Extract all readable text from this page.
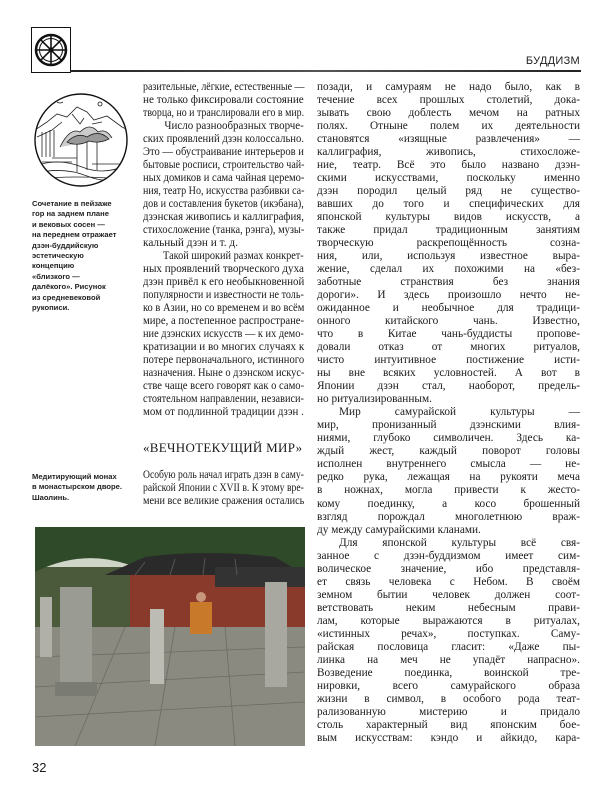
БУДДИЗМ
Сочетание в пейзаже
гор на заднем плане
и вековых сосен —
на переднем отражает
дзэн-буддийскую
эстетическую
концепцию
«близкого —
далёкого». Рисунок
из средневековой
рукописи.
разительные, лёгкие, естественные —
не только фиксировали состояние
творца, но и транслировали его в мир.
Число разнообразных творче-
ских проявлений дзэн колоссально.
Это — обустраивание интерьеров и
бытовые росписи, строительство чай-
ных домиков и сама чайная церемо-
ния, театр Но, искусства разбивки са-
дов и составления букетов (икэбана),
дзэнская живопись и каллиграфия,
стихосложение (танка, рэнга), музы-
кальный дзэн и т. д.
Такой широкий размах конкрет-
ных проявлений творческого духа
дзэн привёл к его необыкновенной
популярности и известности не толь-
ко в Азии, но со временем и во всём
мире, а постепенное распростране-
ние дзэнских искусств — к их демо-
кратизации и во многих случаях к
потере первоначального, истинного
назначения. Ныне о дзэнском искус-
стве чаще всего говорят как о само-
стоятельном направлении, независи-
мом от подлинной традиции дзэн .
«ВЕЧНОТЕКУЩИЙ МИР»
Особую роль начал играть дзэн в саму-
райской Японии с XVII в. К этому вре-
мени все великие сражения остались
Медитирующий монах
в монастырском дворе.
Шаолинь.
позади, и самураям не надо было, как в
течение всех прошлых столетий, дока-
зывать свою доблесть мечом на ратных
полях. Отныне полем их деятельности
становятся «изящные развлечения» —
каллиграфия, живопись, стихосложе-
ние, театр. Всё это было названо дзэн-
скими искусствами, поскольку именно
дзэн породил целый ряд не существо-
вавших до того и специфических для
японской культуры видов искусств, а
также придал традиционным занятиям
творческую раскрепощённость созна-
ния, или, используя известное выра-
жение, сделал их похожими на «без-
заботные странствия без знания
дороги». И здесь произошло нечто не-
ожиданное и необычное для традици-
онного китайского чань. Известно,
что в Китае чань-буддисты пропове-
довали отказ от многих ритуалов,
чисто интуитивное постижение исти-
ны вне всяких условностей. А вот в
Японии дзэн стал, наоборот, предель-
но ритуализированным.
Мир самурайской культуры —
мир, пронизанный дзэнскими влия-
ниями, глубоко символичен. Здесь ка-
ждый жест, каждый поворот головы
исполнен внутреннего смысла — не-
редко рука, лежащая на рукояти меча
в ножнах, могла привести к жесто-
кому поединку, а косо брошенный
взгляд порождал многолетнюю враж-
ду между самурайскими кланами.
Для японской культуры всё свя-
занное с дзэн-буддизмом имеет сим-
волическое значение, ибо представля-
ет связь человека с Небом. В своём
земном бытии человек должен соот-
ветствовать неким небесным прави-
лам, которые выражаются в ритуалах,
«истинных речах», поступках. Саму-
райская пословица гласит: «Даже пы-
линка на меч не упадёт напрасно».
Возведение поединка, воинской тре-
нировки, всего самурайского образа
жизни в символ, в особого рода теат-
рализованную мистерию и придало
столь характерный вид японским бое-
вым искусствам: кэндо и айкидо, кара-
32
